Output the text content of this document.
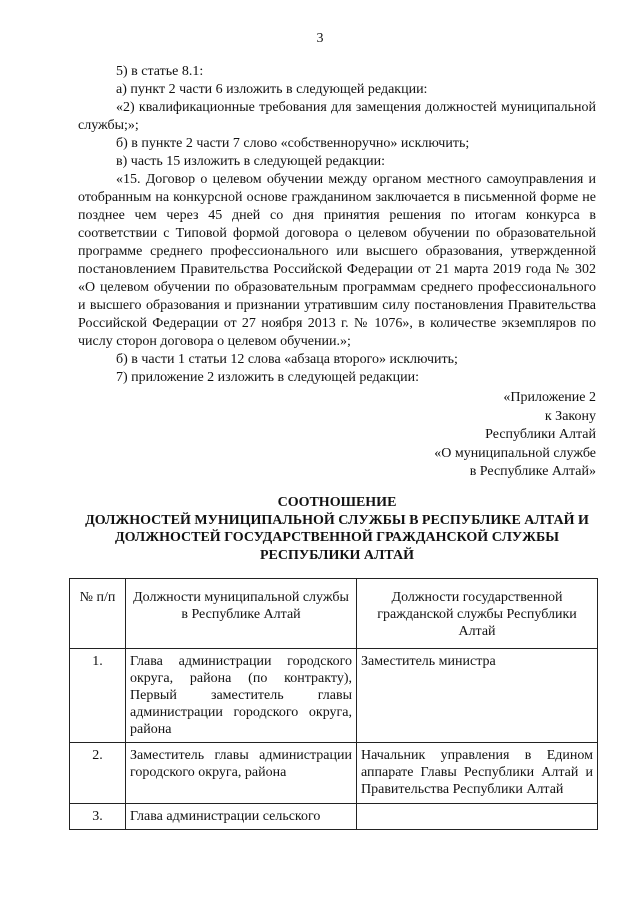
3

5) в статье 8.1:

а) пункт 2 части 6 изложить в следующей редакции:

«2) квалификационные требования для замещения должностей муниципальной службы;»;

б) в пункте 2 части 7 слово «собственноручно» исключить;

в) часть 15 изложить в следующей редакции:

«15. Договор о целевом обучении между органом местного самоуправления и отобранным на конкурсной основе гражданином заключается в письменной форме не позднее чем через 45 дней со дня принятия решения по итогам конкурса в соответствии с Типовой формой договора о целевом обучении по образовательной программе среднего профессионального или высшего образования, утвержденной постановлением Правительства Российской Федерации от 21 марта 2019 года № 302 «О целевом обучении по образовательным программам среднего профессионального и высшего образования и признании утратившим силу постановления Правительства Российской Федерации от 27 ноября 2013 г. № 1076», в количестве экземпляров по числу сторон договора о целевом обучении.»;

б) в части 1 статьи 12 слова «абзаца второго» исключить;

7) приложение 2 изложить в следующей редакции:

«Приложение 2
к Закону
Республики Алтай
«О муниципальной службе
в Республике Алтай»
СООТНОШЕНИЕ
ДОЛЖНОСТЕЙ МУНИЦИПАЛЬНОЙ СЛУЖБЫ В РЕСПУБЛИКЕ АЛТАЙ И ДОЛЖНОСТЕЙ ГОСУДАРСТВЕННОЙ ГРАЖДАНСКОЙ СЛУЖБЫ РЕСПУБЛИКИ АЛТАЙ
№ п/п	Должности муниципальной службы в Республике Алтай	Должности государственной гражданской службы Республики Алтай
1.	Глава администрации городского округа, района (по контракту), Первый заместитель главы администрации городского округа, района	Заместитель министра
2.	Заместитель главы администрации городского округа, района	Начальник управления в Едином аппарате Главы Республики Алтай и Правительства Республики Алтай
3.	Глава администрации сельского	
